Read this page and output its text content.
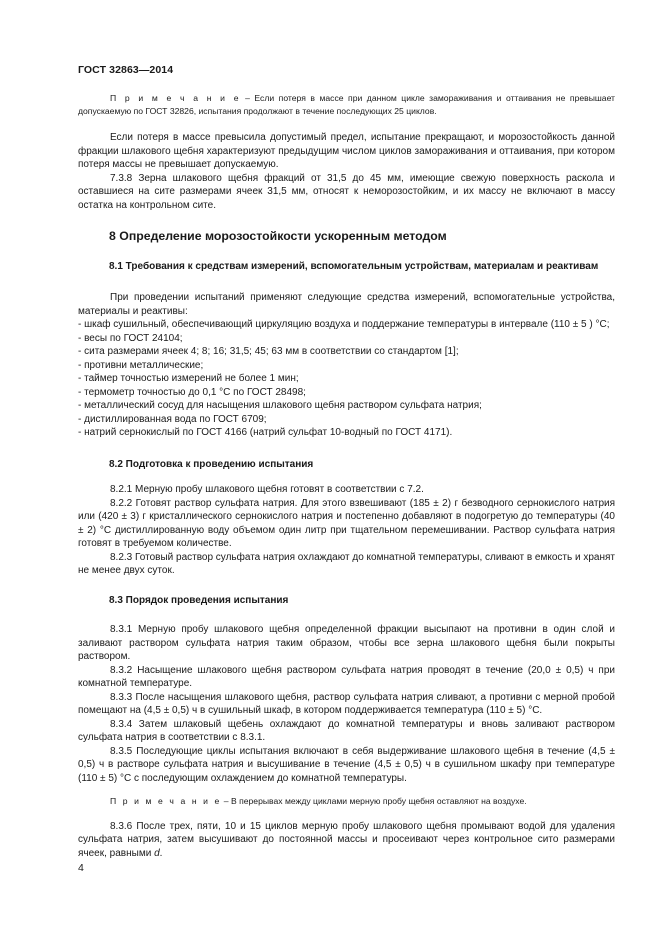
ГОСТ 32863—2014

П р и м е ч а н и е – Если потеря в массе при данном цикле замораживания и оттаивания не превышает допускаемую по ГОСТ 32826, испытания продолжают в течение последующих 25 циклов.

Если потеря в массе превысила допустимый предел, испытание прекращают, и морозостойкость данной фракции шлакового щебня характеризуют предыдущим числом циклов замораживания и оттаивания, при котором потеря массы не превышает допускаемую.

7.3.8 Зерна шлакового щебня фракций от 31,5 до 45 мм, имеющие свежую поверхность раскола и оставшиеся на сите размерами ячеек 31,5 мм, относят к неморозостойким, и их массу не включают в массу остатка на контрольном сите.

8 Определение морозостойкости ускоренным методом

8.1 Требования к средствам измерений, вспомогательным устройствам, материалам и реактивам

При проведении испытаний применяют следующие средства измерений, вспомогательные устройства, материалы и реактивы:

- шкаф сушильный, обеспечивающий циркуляцию воздуха и поддержание температуры в интервале (110 ± 5 ) °С;

- весы по ГОСТ 24104;

- сита размерами ячеек 4; 8; 16; 31,5; 45; 63 мм в соответствии со стандартом [1];

- противни металлические;

- таймер точностью измерений не более 1 мин;

- термометр точностью до 0,1 °С по ГОСТ 28498;

- металлический сосуд для насыщения шлакового щебня раствором сульфата натрия;

- дистиллированная вода по ГОСТ 6709;

- натрий сернокислый по ГОСТ 4166 (натрий сульфат 10-водный по ГОСТ 4171).

8.2 Подготовка к проведению испытания

8.2.1 Мерную пробу шлакового щебня готовят в соответствии с 7.2.

8.2.2 Готовят раствор сульфата натрия. Для этого взвешивают (185 ± 2) г безводного сернокислого натрия или (420 ± 3) г кристаллического сернокислого натрия и постепенно добавляют в подогретую до температуры (40 ± 2) °С дистиллированную воду объемом один литр при тщательном перемешивании. Раствор сульфата натрия готовят в требуемом количестве.

8.2.3 Готовый раствор сульфата натрия охлаждают до комнатной температуры, сливают в емкость и хранят не менее двух суток.

8.3 Порядок проведения испытания

8.3.1 Мерную пробу шлакового щебня определенной фракции высыпают на противни в один слой и заливают раствором сульфата натрия таким образом, чтобы все зерна шлакового щебня были покрыты раствором.

8.3.2 Насыщение шлакового щебня раствором сульфата натрия проводят в течение (20,0 ± 0,5) ч при комнатной температуре.

8.3.3 После насыщения шлакового щебня, раствор сульфата натрия сливают, а противни с мерной пробой помещают на (4,5 ± 0,5) ч в сушильный шкаф, в котором поддерживается температура (110 ± 5) °С.

8.3.4 Затем шлаковый щебень охлаждают до комнатной температуры и вновь заливают раствором сульфата натрия в соответствии с 8.3.1.

8.3.5 Последующие циклы испытания включают в себя выдерживание шлакового щебня в течение (4,5 ± 0,5) ч в растворе сульфата натрия и высушивание в течение (4,5 ± 0,5) ч в сушильном шкафу при температуре (110 ± 5) °С с последующим охлаждением до комнатной температуры.

П р и м е ч а н и е – В перерывах между циклами мерную пробу щебня оставляют на воздухе.

8.3.6 После трех, пяти, 10 и 15 циклов мерную пробу шлакового щебня промывают водой для удаления сульфата натрия, затем высушивают до постоянной массы и просеивают через контрольное сито размерами ячеек, равными d.

4
